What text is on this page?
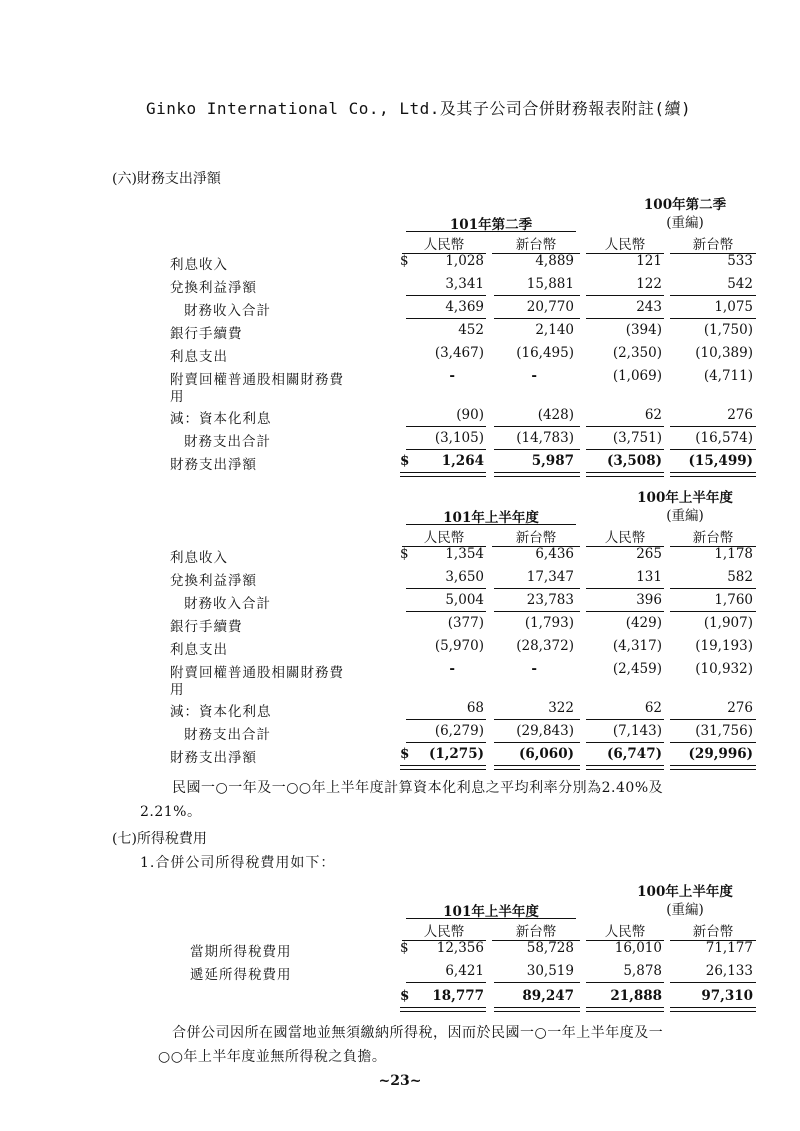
Ginko International Co., Ltd.及其子公司合併財務報表附註(續)
(六)財務支出淨額
100年第二季
101年第二季	(重編)
人民幣	新台幣	人民幣	新台幣
利息收入	$	1,028	4,889	121	533
兌換利益淨額	3,341	15,881	122	542
財務收入合計	4,369	20,770	243	1,075
銀行手續費	452	2,140	(394)	(1,750)
利息支出	(3,467) (16,495)	(2,350) (10,389)
附賣回權普通股相關財務費
用
-	-	(1,069)	(4,711)
減：資本化利息	(90)	(428)	62	276
財務支出合計	(3,105) (14,783)	(3,751) (16,574)
財務支出淨額	$ 1,264	5,987 (3,508) (15,499)
100年上半年度
101年上半年度	(重編)
人民幣	新台幣	人民幣	新台幣
利息收入	$	1,354	6,436	265	1,178
兌換利益淨額	3,650	17,347	131	582
財務收入合計	5,004	23,783	396	1,760
銀行手續費	(377)	(1,793)	(429)	(1,907)
利息支出	(5,970) (28,372)	(4,317) (19,193)
附賣回權普通股相關財務費
用
-	-	(2,459) (10,932)
減：資本化利息	68	322	62	276
財務支出合計	(6,279) (29,843)	(7,143) (31,756)
財務支出淨額	$ (1,275)	(6,060) (6,747) (29,996)
民國一○一年及一○○年上半年度計算資本化利息之平均利率分別為2.40%及
2.21%。
(七)所得稅費用
1.合併公司所得稅費用如下：
100年上半年度
101年上半年度	(重編)
人民幣	新台幣	人民幣	新台幣
當期所得稅費用	$ 12,356	58,728	16,010	71,177
遞延所得稅費用	6,421	30,519	5,878	26,133
$ 18,777	89,247	21,888	97,310
合併公司因所在國當地並無須繳納所得稅，因而於民國一○一年上半年度及一
○○年上半年度並無所得稅之負擔。
~23~
